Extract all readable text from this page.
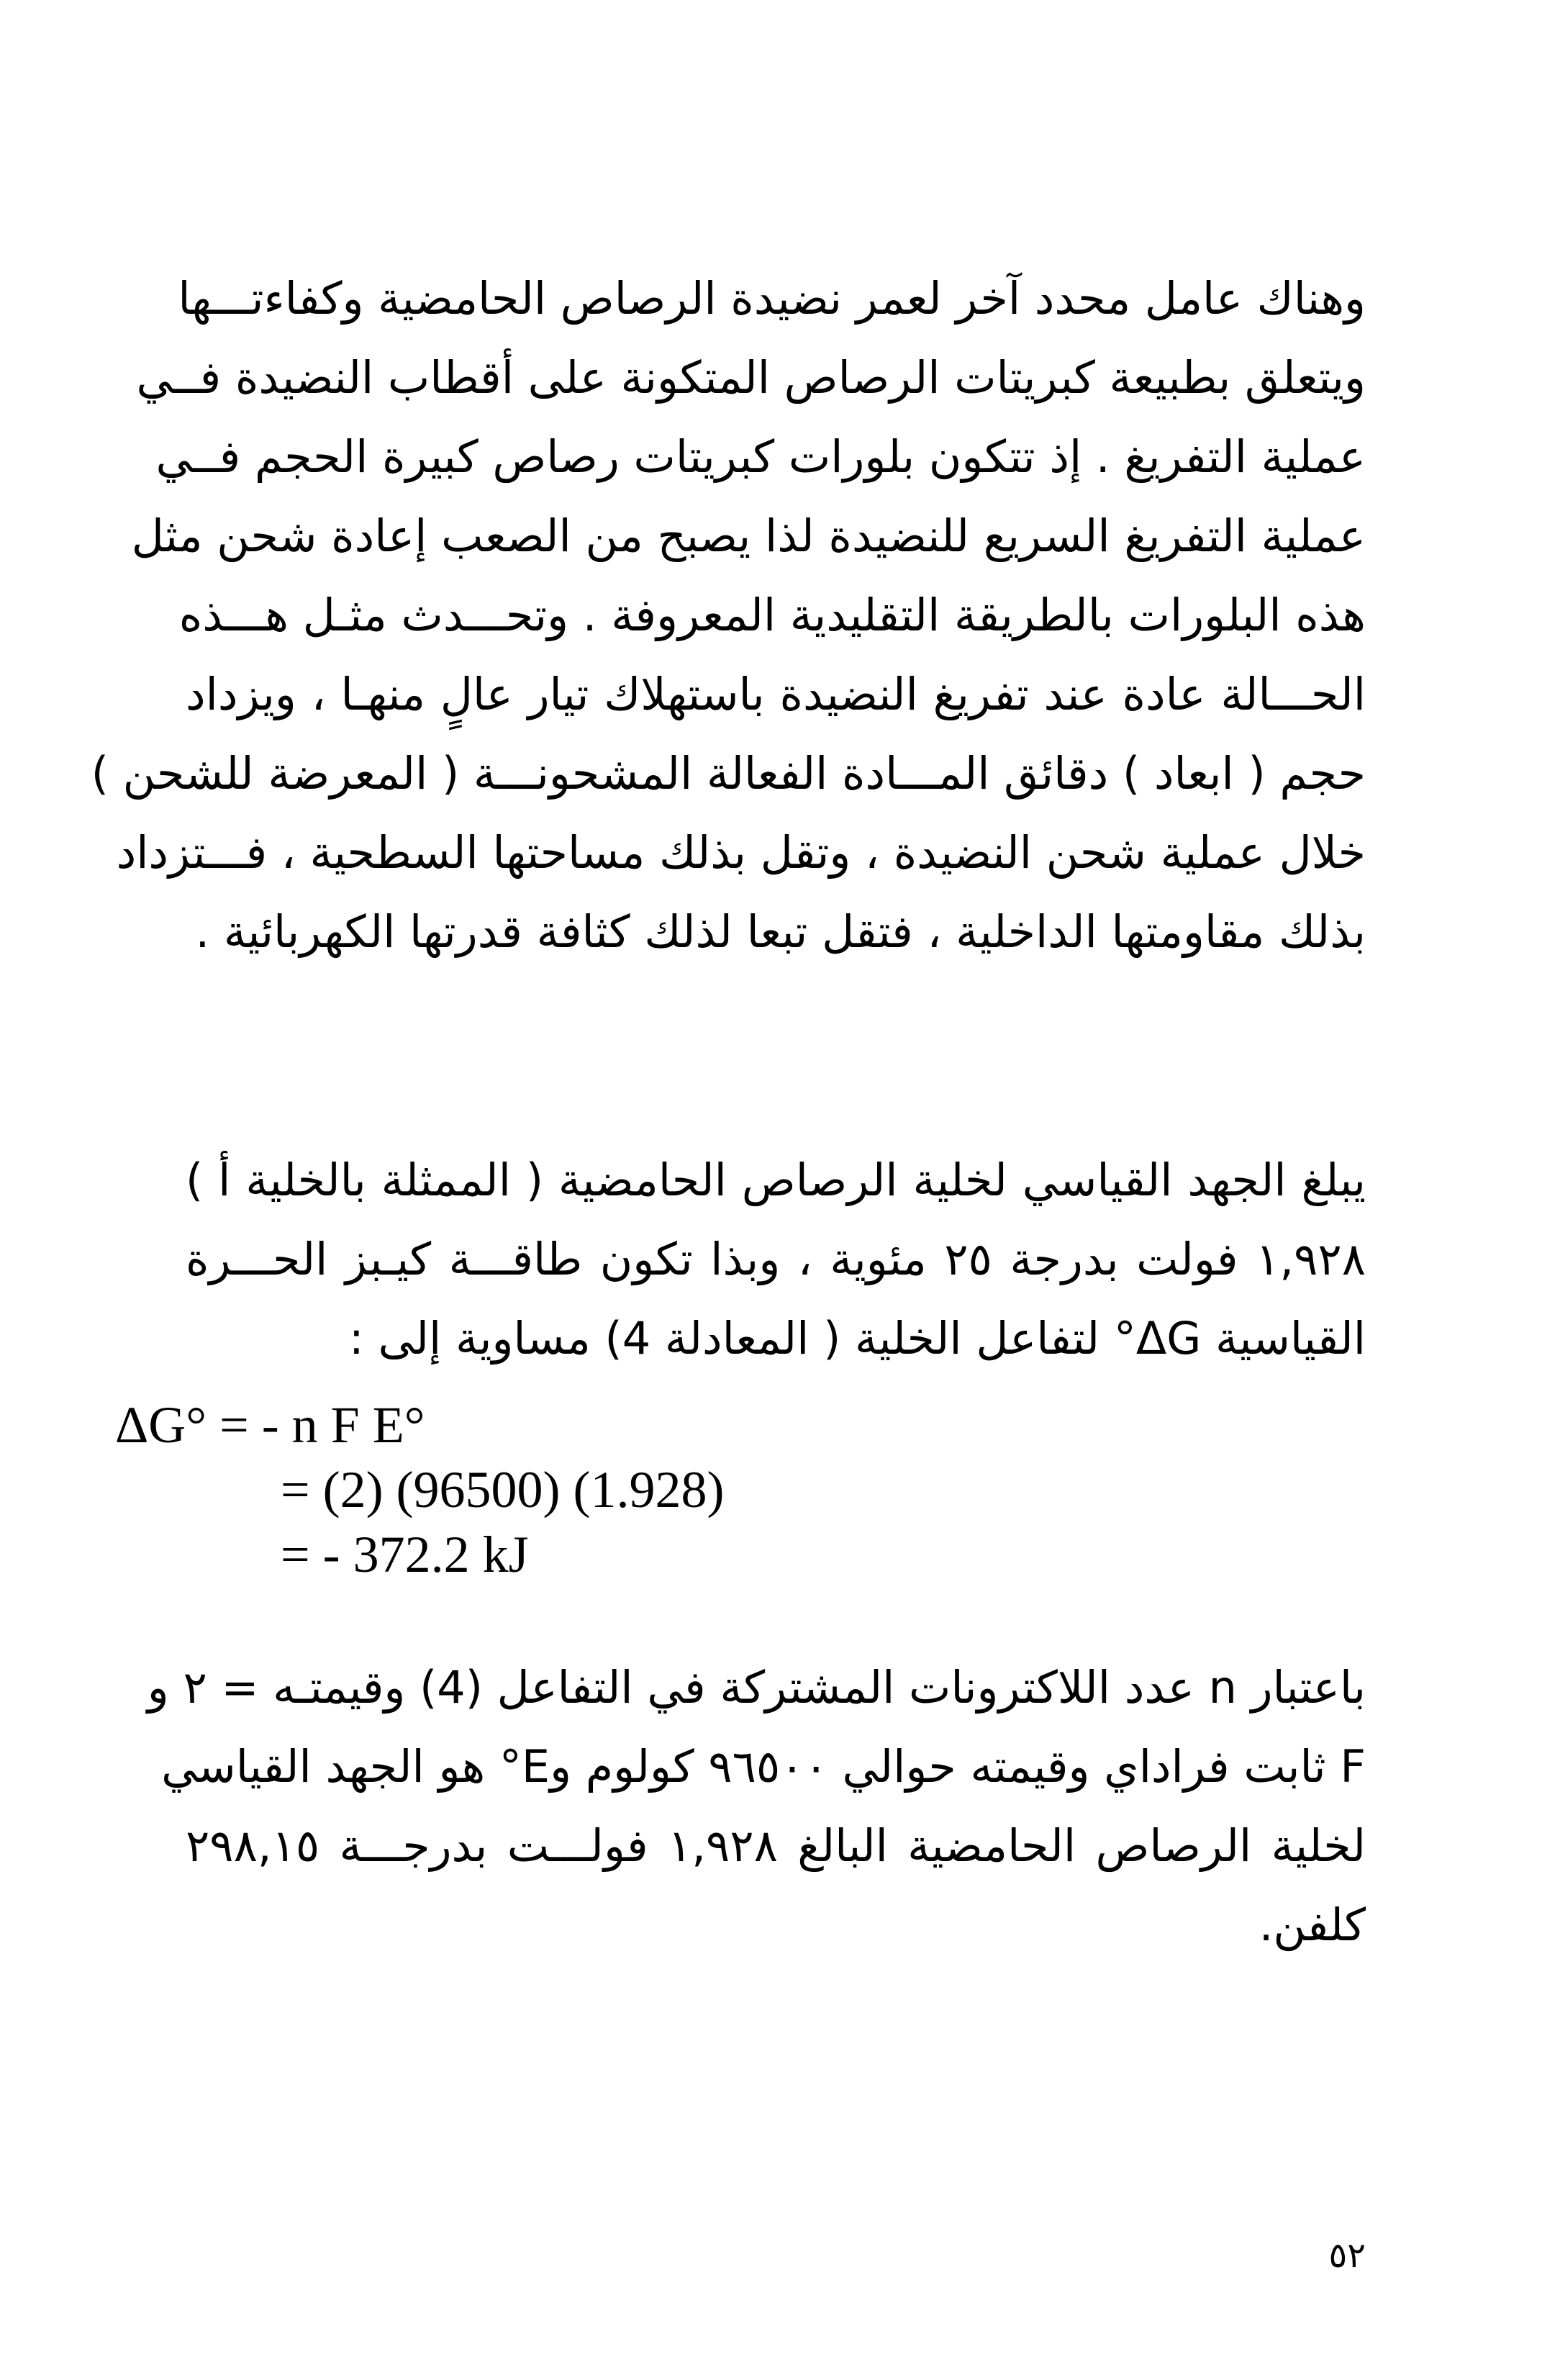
وهناك عامل محدد آخر لعمر نضيدة الرصاص الحامضية وكفاءتـــها
ويتعلق بطبيعة كبريتات الرصاص المتكونة على أقطاب النضيدة فــي
عملية التفريغ . إذ تتكون بلورات كبريتات رصاص كبيرة الحجم فــي
عملية التفريغ السريع للنضيدة لذا يصبح من الصعب إعادة شحن مثل
هذه البلورات بالطريقة التقليدية المعروفة . وتحـــدث مثـل هـــذه
الحـــالة عادة عند تفريغ النضيدة باستهلاك تيار عالٍ منهـا ، ويزداد
حجم ( ابعاد ) دقائق المـــادة الفعالة المشحونـــة ( المعرضة للشحن )
خلال عملية شحن النضيدة ، وتقل بذلك مساحتها السطحية ، فـــتزداد
بذلك مقاومتها الداخلية ، فتقل تبعا لذلك كثافة قدرتها الكهربائية .
يبلغ الجهد القياسي لخلية الرصاص الحامضية ( الممثلة بالخلية أ )
١,٩٢٨ فولت بدرجة ٢٥ مئوية ، وبذا تكون طاقـــة كيـبز الحـــرة
القياسية ΔG° لتفاعل الخلية ( المعادلة 4) مساوية إلى :
ΔG° = - n F E°
= (2) (96500) (1.928)
= - 372.2 kJ
باعتبار n عدد اللاكترونات المشتركة في التفاعل (4) وقيمتـه = ٢ و
F ثابت فراداي وقيمته حوالي ٩٦٥٠٠ كولوم وE° هو الجهد القياسي
لخلية الرصاص الحامضية البالغ ١,٩٢٨ فولـــت بدرجـــة ٢٩٨,١٥
كلفن.
٥٢
